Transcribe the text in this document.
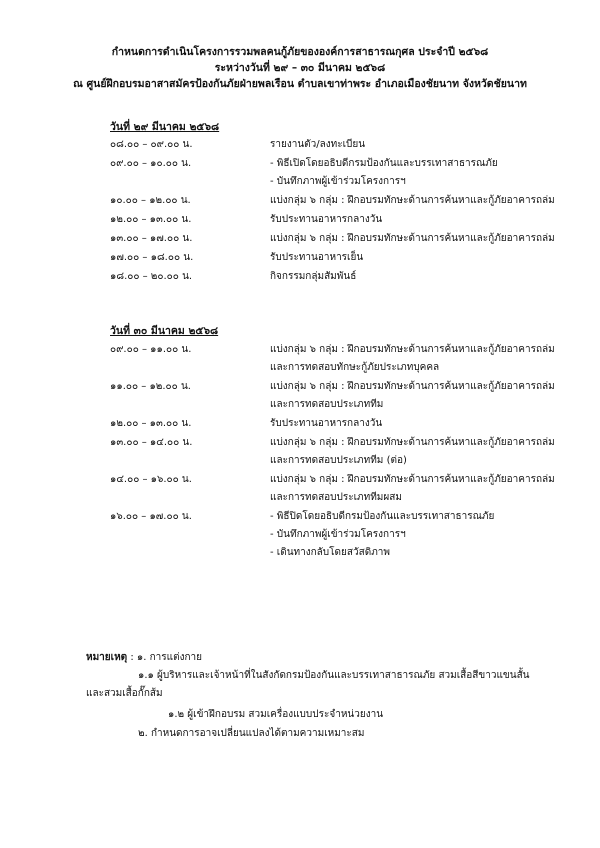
กำหนดการดำเนินโครงการรวมพลคนกู้ภัยขององค์การสาธารณกุศล ประจำปี ๒๕๖๘
ระหว่างวันที่ ๒๙ – ๓๐ มีนาคม ๒๕๖๘
ณ ศูนย์ฝึกอบรมอาสาสมัครป้องกันภัยฝ่ายพลเรือน ตำบลเขาท่าพระ อำเภอเมืองชัยนาท จังหวัดชัยนาท
วันที่ ๒๙ มีนาคม ๒๕๖๘
๐๘.๐๐ – ๐๙.๐๐ น.	รายงานตัว/ลงทะเบียน
๐๙.๐๐ – ๑๐.๐๐ น.	- พิธีเปิดโดยอธิบดีกรมป้องกันและบรรเทาสาธารณภัย
- บันทึกภาพผู้เข้าร่วมโครงการฯ
๑๐.๐๐ – ๑๒.๐๐ น.	แบ่งกลุ่ม ๖ กลุ่ม : ฝึกอบรมทักษะด้านการค้นหาและกู้ภัยอาคารถล่ม
๑๒.๐๐ – ๑๓.๐๐ น.	รับประทานอาหารกลางวัน
๑๓.๐๐ – ๑๗.๐๐ น.	แบ่งกลุ่ม ๖ กลุ่ม : ฝึกอบรมทักษะด้านการค้นหาและกู้ภัยอาคารถล่ม
๑๗.๐๐ – ๑๘.๐๐ น.	รับประทานอาหารเย็น
๑๘.๐๐ – ๒๐.๐๐ น.	กิจกรรมกลุ่มสัมพันธ์
วันที่ ๓๐ มีนาคม ๒๕๖๘
๐๙.๐๐ – ๑๑.๐๐ น.	แบ่งกลุ่ม ๖ กลุ่ม : ฝึกอบรมทักษะด้านการค้นหาและกู้ภัยอาคารถล่ม
และการทดสอบทักษะกู้ภัยประเภทบุคคล
๑๑.๐๐ – ๑๒.๐๐ น.	แบ่งกลุ่ม ๖ กลุ่ม : ฝึกอบรมทักษะด้านการค้นหาและกู้ภัยอาคารถล่ม
และการทดสอบประเภททีม
๑๒.๐๐ – ๑๓.๐๐ น.	รับประทานอาหารกลางวัน
๑๓.๐๐ – ๑๔.๐๐ น.	แบ่งกลุ่ม ๖ กลุ่ม : ฝึกอบรมทักษะด้านการค้นหาและกู้ภัยอาคารถล่ม
และการทดสอบประเภททีม (ต่อ)
๑๔.๐๐ – ๑๖.๐๐ น.	แบ่งกลุ่ม ๖ กลุ่ม : ฝึกอบรมทักษะด้านการค้นหาและกู้ภัยอาคารถล่ม
และการทดสอบประเภททีมผสม
๑๖.๐๐ – ๑๗.๐๐ น.	- พิธีปิดโดยอธิบดีกรมป้องกันและบรรเทาสาธารณภัย
- บันทึกภาพผู้เข้าร่วมโครงการฯ
- เดินทางกลับโดยสวัสดิภาพ
หมายเหตุ : ๑. การแต่งกาย
๑.๑ ผู้บริหารและเจ้าหน้าที่ในสังกัดกรมป้องกันและบรรเทาสาธารณภัย สวมเสื้อสีขาวแขนสั้น
และสวมเสื้อกั๊กส้ม
๑.๒ ผู้เข้าฝึกอบรม สวมเครื่องแบบประจำหน่วยงาน
๒. กำหนดการอาจเปลี่ยนแปลงได้ตามความเหมาะสม
